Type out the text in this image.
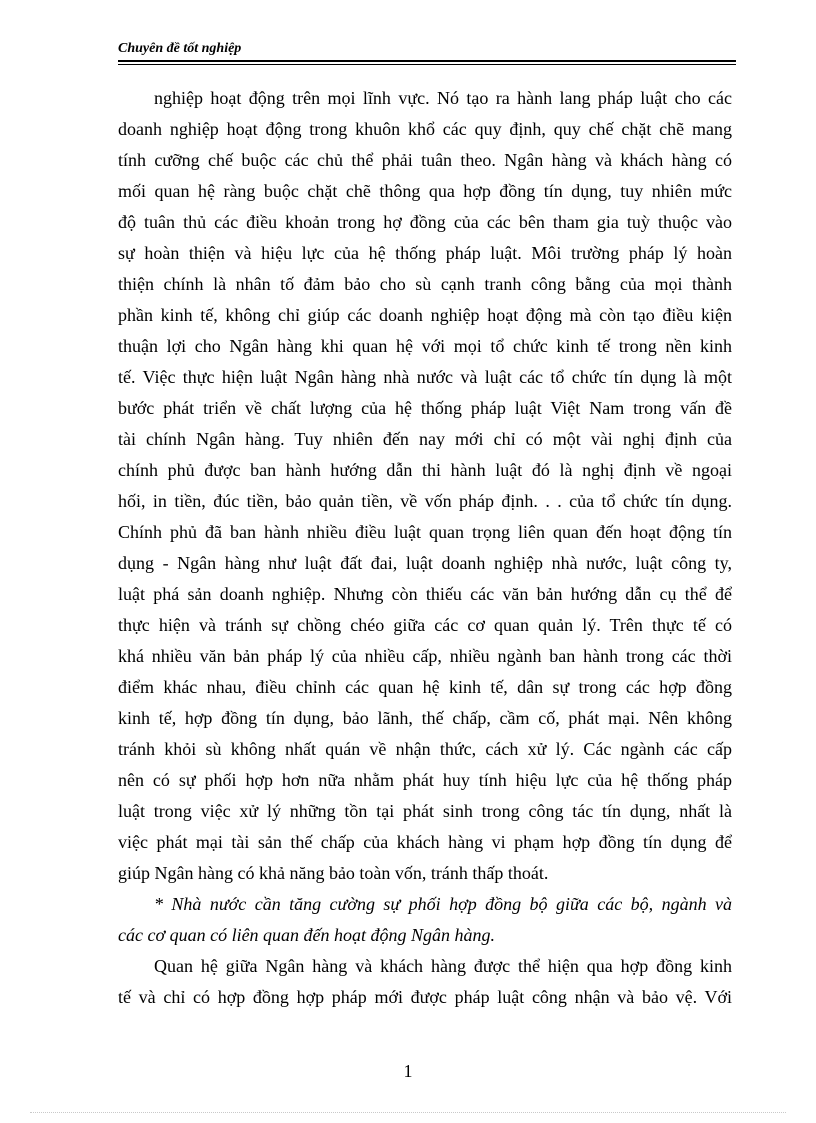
Chuyên đề tốt nghiệp
nghiệp hoạt động trên mọi lĩnh vực. Nó tạo ra hành lang pháp luật cho các
doanh nghiệp hoạt động trong khuôn khổ các quy định, quy chế chặt chẽ mang
tính cưỡng chế buộc các chủ thể phải tuân theo. Ngân hàng và khách hàng có
mối quan hệ ràng buộc chặt chẽ thông qua hợp đồng tín dụng, tuy nhiên mức
độ tuân thủ các điều khoản trong hợ đồng của các bên tham gia tuỳ thuộc vào
sự hoàn thiện và hiệu lực của hệ thống pháp luật. Môi trường pháp lý hoàn
thiện chính là nhân tố đảm bảo cho sù cạnh tranh công bằng của mọi thành
phần kinh tế, không chỉ giúp các doanh nghiệp hoạt động mà còn tạo điều kiện
thuận lợi cho Ngân hàng khi quan hệ với mọi tổ chức kinh tế trong nền kinh
tế. Việc thực hiện luật Ngân hàng nhà nước và luật các tổ chức tín dụng là một
bước phát triển về chất lượng của hệ thống pháp luật Việt Nam trong vấn đề
tài chính Ngân hàng. Tuy nhiên đến nay mới chỉ có một vài nghị định của
chính phủ được ban hành hướng dẫn thi hành luật đó là nghị định về ngoại
hối, in tiền, đúc tiền, bảo quản tiền, về vốn pháp định. . . của tổ chức tín dụng.
Chính phủ đã ban hành nhiều điều luật quan trọng liên quan đến hoạt động tín
dụng - Ngân hàng như luật đất đai, luật doanh nghiệp nhà nước, luật công ty,
luật phá sản doanh nghiệp. Nhưng còn thiếu các văn bản hướng dẫn cụ thể để
thực hiện và tránh sự chồng chéo giữa các cơ quan quản lý. Trên thực tế có
khá nhiều văn bản pháp lý của nhiều cấp, nhiều ngành ban hành trong các thời
điểm khác nhau, điều chỉnh các quan hệ kinh tế, dân sự trong các hợp đồng
kinh tế, hợp đồng tín dụng, bảo lãnh, thế chấp, cầm cố, phát mại. Nên không
tránh khỏi sù không nhất quán về nhận thức, cách xử lý. Các ngành các cấp
nên có sự phối hợp hơn nữa nhằm phát huy tính hiệu lực của hệ thống pháp
luật trong việc xử lý những tồn tại phát sinh trong công tác tín dụng, nhất là
việc phát mại tài sản thế chấp của khách hàng vi phạm hợp đồng tín dụng để
giúp Ngân hàng có khả năng bảo toàn vốn, tránh thấp thoát.
* Nhà nước cần tăng cường sự phối hợp đồng bộ giữa các bộ, ngành và
các cơ quan có liên quan đến hoạt động Ngân hàng.
Quan hệ giữa Ngân hàng và khách hàng được thể hiện qua hợp đồng kinh
tế và chỉ có hợp đồng hợp pháp mới được pháp luật công nhận và bảo vệ. Với
1
